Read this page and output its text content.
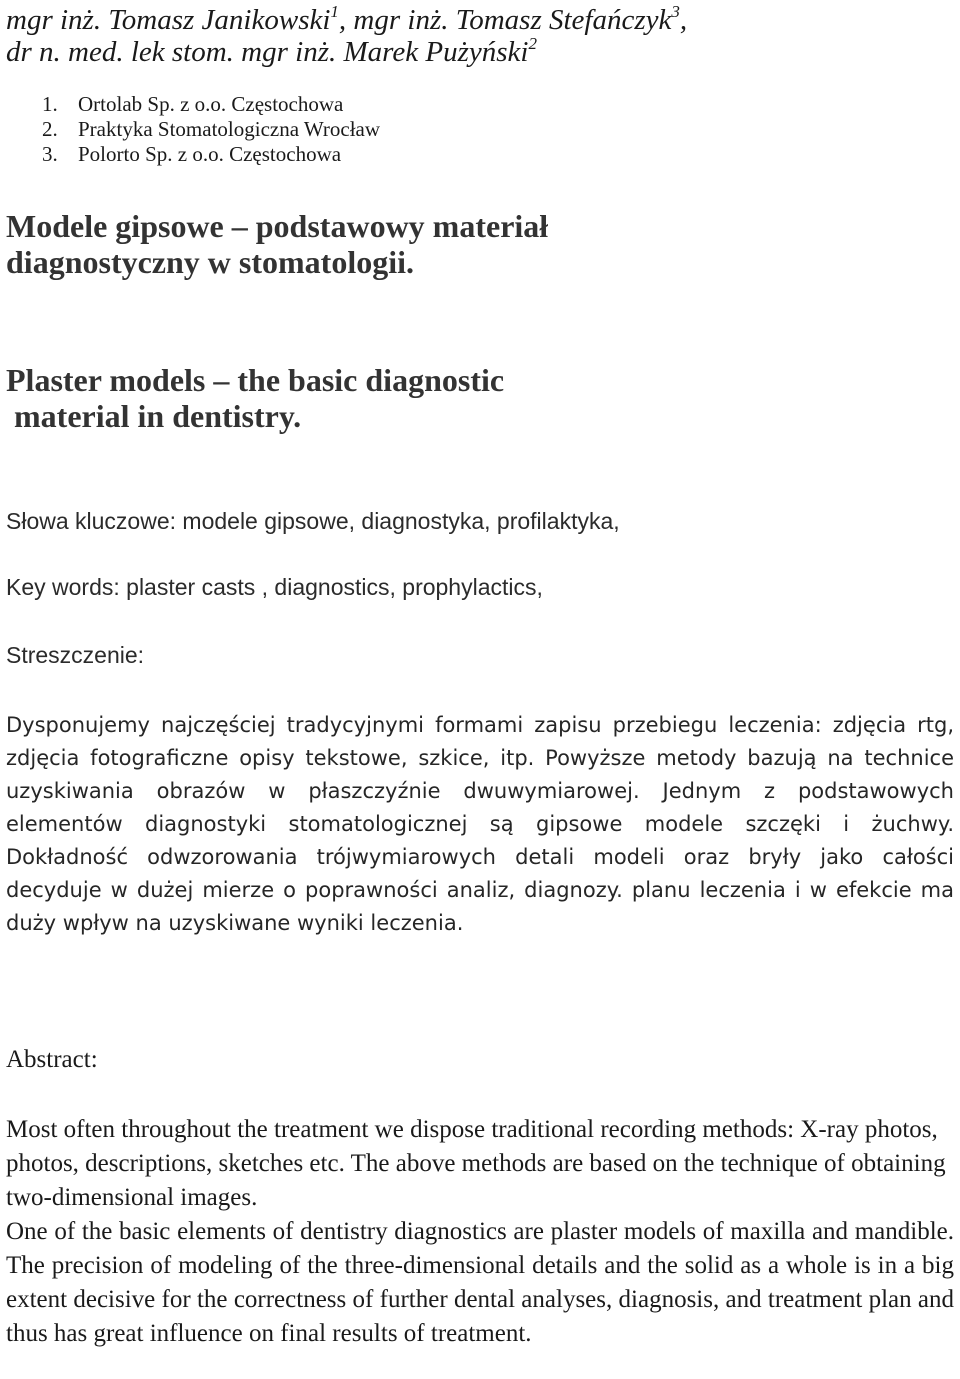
mgr inż. Tomasz Janikowski$^1$, mgr inż. Tomasz Stefańczyk$^3$,
dr n. med. lek stom. mgr inż. Marek Pużyński$^2$
1. Ortolab Sp. z o.o. Częstochowa
2. Praktyka Stomatologiczna Wrocław
3. Polorto Sp. z o.o. Częstochowa
Modele gipsowe – podstawowy materiał diagnostyczny w stomatologii.
Plaster models – the basic diagnostic
material in dentistry.

Słowa kluczowe: modele gipsowe, diagnostyka, profilaktyka,

Key words: plaster casts , diagnostics, prophylactics,

Streszczenie:

Dysponujemy najczęściej tradycyjnymi formami zapisu przebiegu leczenia: zdjęcia rtg, zdjęcia fotograficzne opisy tekstowe, szkice, itp. Powyższe metody bazują na technice uzyskiwania obrazów w płaszczyźnie dwuwymiarowej. Jednym z podstawowych elementów diagnostyki stomatologicznej są gipsowe modele szczęki i żuchwy. Dokładność odwzorowania trójwymiarowych detali modeli oraz bryły jako całości decyduje w dużej mierze o poprawności analiz, diagnozy. planu leczenia i w efekcie ma duży wpływ na uzyskiwane wyniki leczenia.

Abstract:

Most often throughout the treatment we dispose traditional recording methods: X-ray photos, photos, descriptions, sketches etc. The above methods are based on the technique of obtaining two-dimensional images.
One of the basic elements of dentistry diagnostics are plaster models of maxilla and mandible. The precision of modeling of the three-dimensional details and the solid as a whole is in a big extent decisive for the correctness of further dental analyses, diagnosis, and treatment plan and thus has great influence on final results of treatment.
